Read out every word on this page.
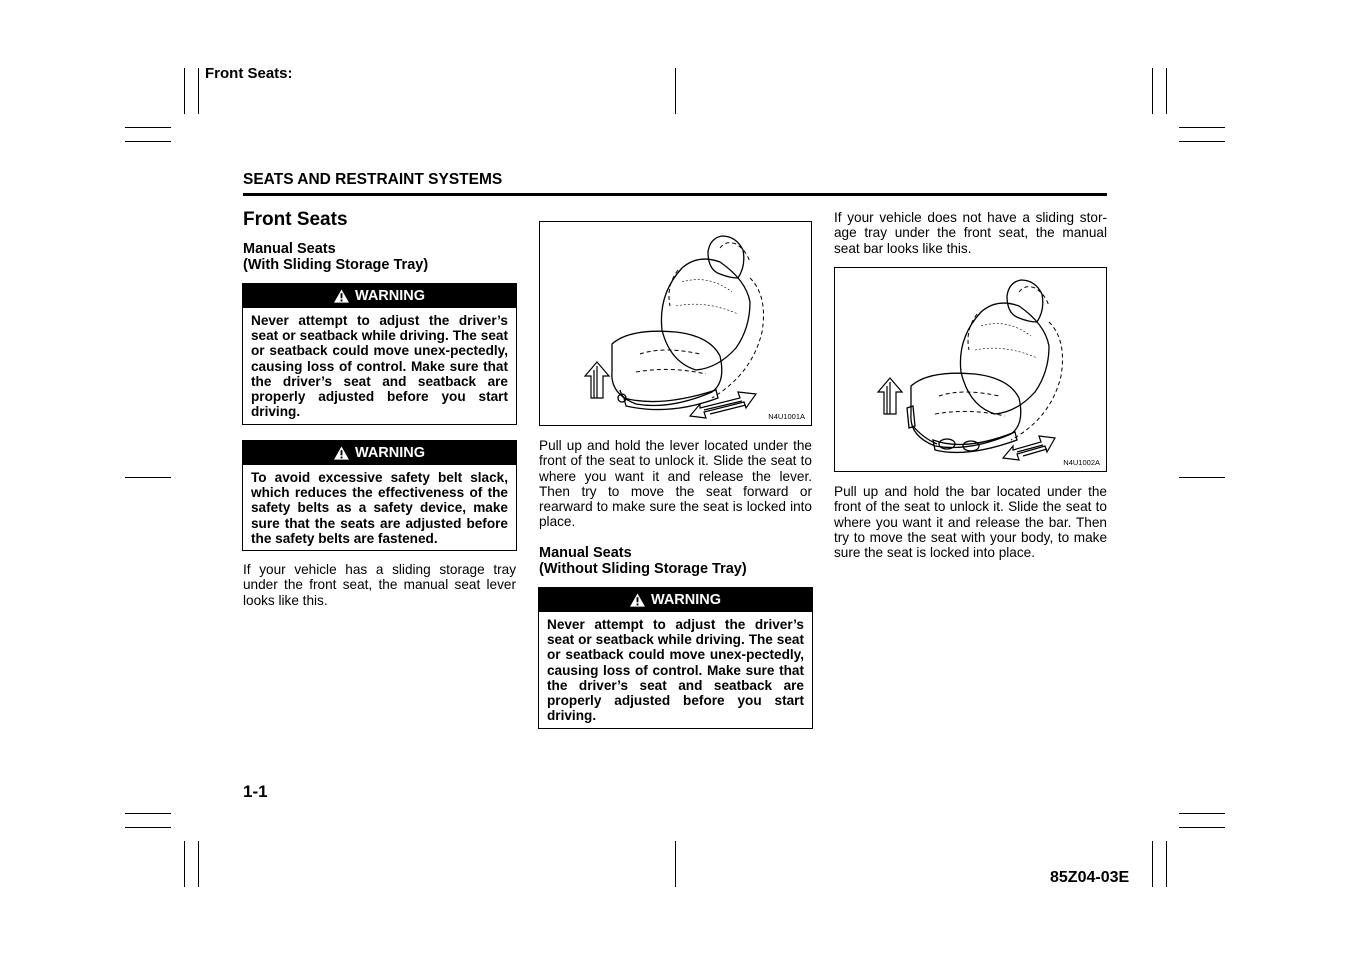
Front Seats:
SEATS AND RESTRAINT SYSTEMS
Front Seats
Manual Seats
(With Sliding Storage Tray)
WARNING
Never attempt to adjust the driver’s seat or seatback while driving. The seat or seatback could move unex-pectedly, causing loss of control. Make sure that the driver’s seat and seatback are properly adjusted before you start driving.
WARNING
To avoid excessive safety belt slack, which reduces the effectiveness of the safety belts as a safety device, make sure that the seats are adjusted before the safety belts are fastened.

If your vehicle has a sliding storage tray under the front seat, the manual seat lever looks like this.

N4U1001A

Pull up and hold the lever located under the front of the seat to unlock it. Slide the seat to where you want it and release the lever. Then try to move the seat forward or rearward to make sure the seat is locked into place.

Manual Seats
(Without Sliding Storage Tray)
WARNING
Never attempt to adjust the driver’s seat or seatback while driving. The seat or seatback could move unex-pectedly, causing loss of control. Make sure that the driver’s seat and seatback are properly adjusted before you start driving.

If your vehicle does not have a sliding stor-age tray under the front seat, the manual seat bar looks like this.

N4U1002A

Pull up and hold the bar located under the front of the seat to unlock it. Slide the seat to where you want it and release the bar. Then try to move the seat with your body, to make sure the seat is locked into place.

1-1
85Z04-03E
